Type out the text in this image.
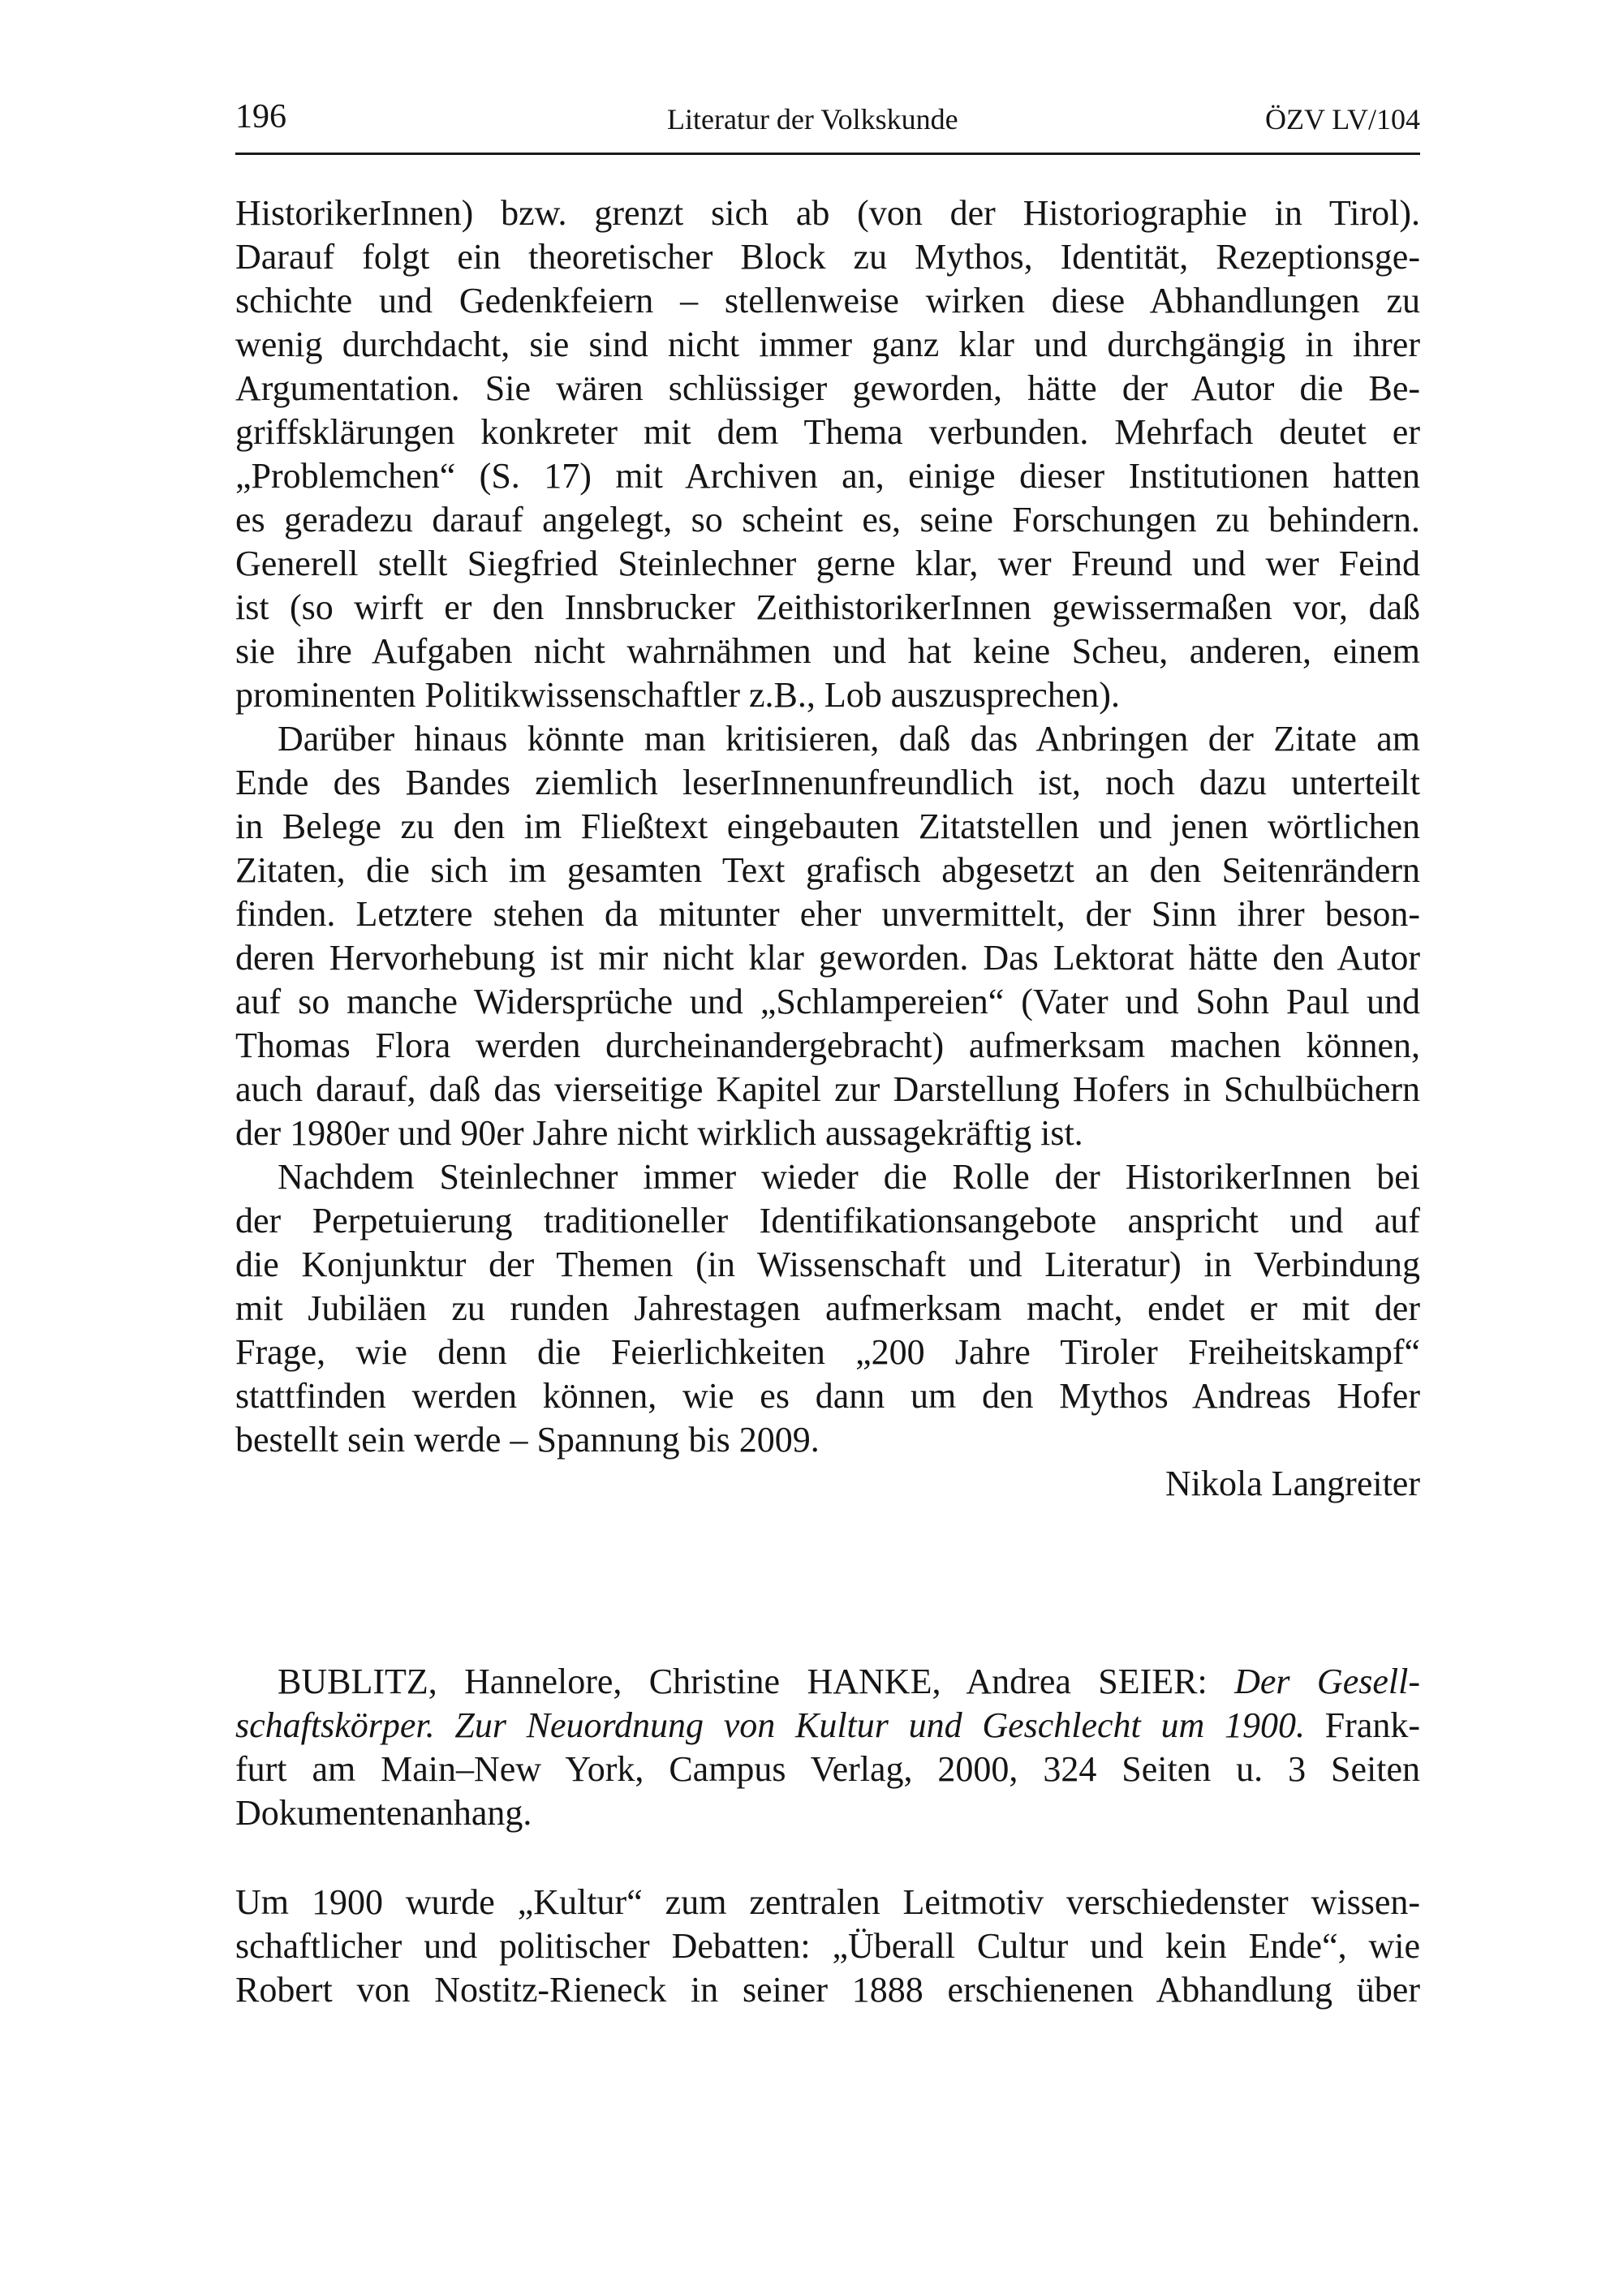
196	Literatur der Volkskunde	ÖZV LV/104
HistorikerInnen) bzw. grenzt sich ab (von der Historiographie in Tirol).
Darauf folgt ein theoretischer Block zu Mythos, Identität, Rezeptionsge-
schichte und Gedenkfeiern – stellenweise wirken diese Abhandlungen zu
wenig durchdacht, sie sind nicht immer ganz klar und durchgängig in ihrer
Argumentation. Sie wären schlüssiger geworden, hätte der Autor die Be-
griffsklärungen konkreter mit dem Thema verbunden. Mehrfach deutet er
„Problemchen“ (S. 17) mit Archiven an, einige dieser Institutionen hatten
es geradezu darauf angelegt, so scheint es, seine Forschungen zu behindern.
Generell stellt Siegfried Steinlechner gerne klar, wer Freund und wer Feind
ist (so wirft er den Innsbrucker ZeithistorikerInnen gewissermaßen vor, daß
sie ihre Aufgaben nicht wahrnähmen und hat keine Scheu, anderen, einem
prominenten Politikwissenschaftler z.B., Lob auszusprechen).
Darüber hinaus könnte man kritisieren, daß das Anbringen der Zitate am
Ende des Bandes ziemlich leserInnenunfreundlich ist, noch dazu unterteilt
in Belege zu den im Fließtext eingebauten Zitatstellen und jenen wörtlichen
Zitaten, die sich im gesamten Text grafisch abgesetzt an den Seitenrändern
finden. Letztere stehen da mitunter eher unvermittelt, der Sinn ihrer beson-
deren Hervorhebung ist mir nicht klar geworden. Das Lektorat hätte den Autor
auf so manche Widersprüche und „Schlampereien“ (Vater und Sohn Paul und
Thomas Flora werden durcheinandergebracht) aufmerksam machen können,
auch darauf, daß das vierseitige Kapitel zur Darstellung Hofers in Schulbüchern
der 1980er und 90er Jahre nicht wirklich aussagekräftig ist.
Nachdem Steinlechner immer wieder die Rolle der HistorikerInnen bei
der Perpetuierung traditioneller Identifikationsangebote anspricht und auf
die Konjunktur der Themen (in Wissenschaft und Literatur) in Verbindung
mit Jubiläen zu runden Jahrestagen aufmerksam macht, endet er mit der
Frage, wie denn die Feierlichkeiten „200 Jahre Tiroler Freiheitskampf“
stattfinden werden können, wie es dann um den Mythos Andreas Hofer
bestellt sein werde – Spannung bis 2009.
Nikola Langreiter
BUBLITZ, Hannelore, Christine HANKE, Andrea SEIER: Der Gesell-
schaftskörper. Zur Neuordnung von Kultur und Geschlecht um 1900. Frank-
furt am Main–New York, Campus Verlag, 2000, 324 Seiten u. 3 Seiten
Dokumentenanhang.
Um 1900 wurde „Kultur“ zum zentralen Leitmotiv verschiedenster wissen-
schaftlicher und politischer Debatten: „Überall Cultur und kein Ende“, wie
Robert von Nostitz-Rieneck in seiner 1888 erschienenen Abhandlung über
